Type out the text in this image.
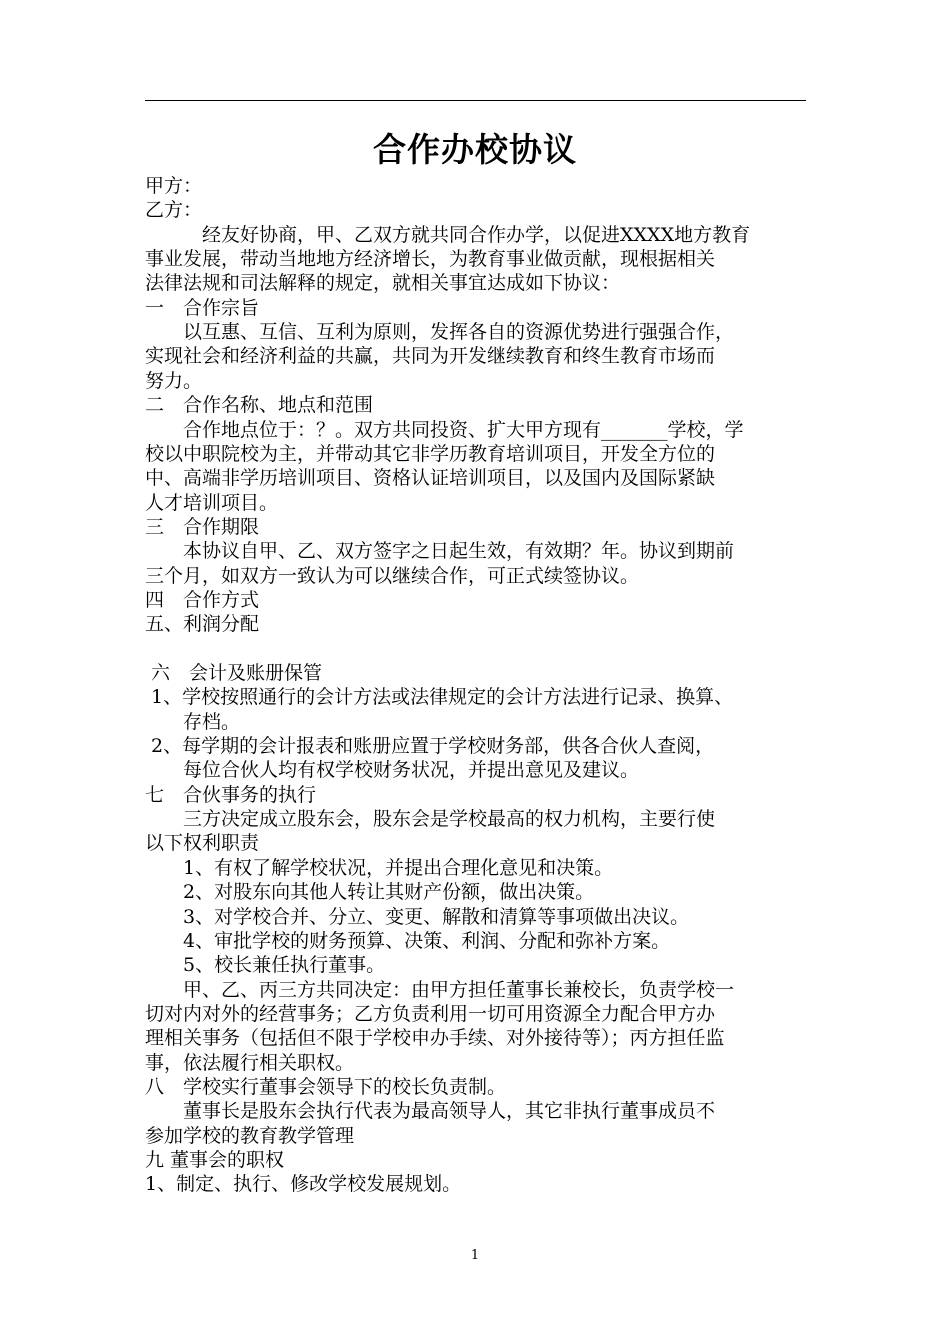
合作办校协议
甲方：
乙方：
　　　经友好协商，甲、乙双方就共同合作办学，以促进XXXX地方教育
事业发展，带动当地地方经济增长，为教育事业做贡献，现根据相关
法律法规和司法解释的规定，就相关事宜达成如下协议：
一　合作宗旨
　　以互惠、互信、互利为原则，发挥各自的资源优势进行强强合作，
实现社会和经济利益的共赢，共同为开发继续教育和终生教育市场而
努力。
二　合作名称、地点和范围
　　合作地点位于：？。双方共同投资、扩大甲方现有_______学校，学
校以中职院校为主，并带动其它非学历教育培训项目，开发全方位的
中、高端非学历培训项目、资格认证培训项目，以及国内及国际紧缺
人才培训项目。
三　合作期限
　　本协议自甲、乙、双方签字之日起生效，有效期？年。协议到期前
三个月，如双方一致认为可以继续合作，可正式续签协议。
四　合作方式
五、利润分配
六　会计及账册保管
1、学校按照通行的会计方法或法律规定的会计方法进行记录、换算、
　　存档。
2、每学期的会计报表和账册应置于学校财务部，供各合伙人查阅，
　　每位合伙人均有权学校财务状况，并提出意见及建议。
七　合伙事务的执行
　　三方决定成立股东会，股东会是学校最高的权力机构，主要行使
以下权利职责
　　1、有权了解学校状况，并提出合理化意见和决策。
　　2、对股东向其他人转让其财产份额，做出决策。
　　3、对学校合并、分立、变更、解散和清算等事项做出决议。
　　4、审批学校的财务预算、决策、利润、分配和弥补方案。
　　5、校长兼任执行董事。
　　甲、乙、丙三方共同决定：由甲方担任董事长兼校长，负责学校一
切对内对外的经营事务；乙方负责利用一切可用资源全力配合甲方办
理相关事务（包括但不限于学校申办手续、对外接待等）；丙方担任监
事，依法履行相关职权。
八　学校实行董事会领导下的校长负责制。
　　董事长是股东会执行代表为最高领导人，其它非执行董事成员不
参加学校的教育教学管理
九 董事会的职权
1、制定、执行、修改学校发展规划。
1
